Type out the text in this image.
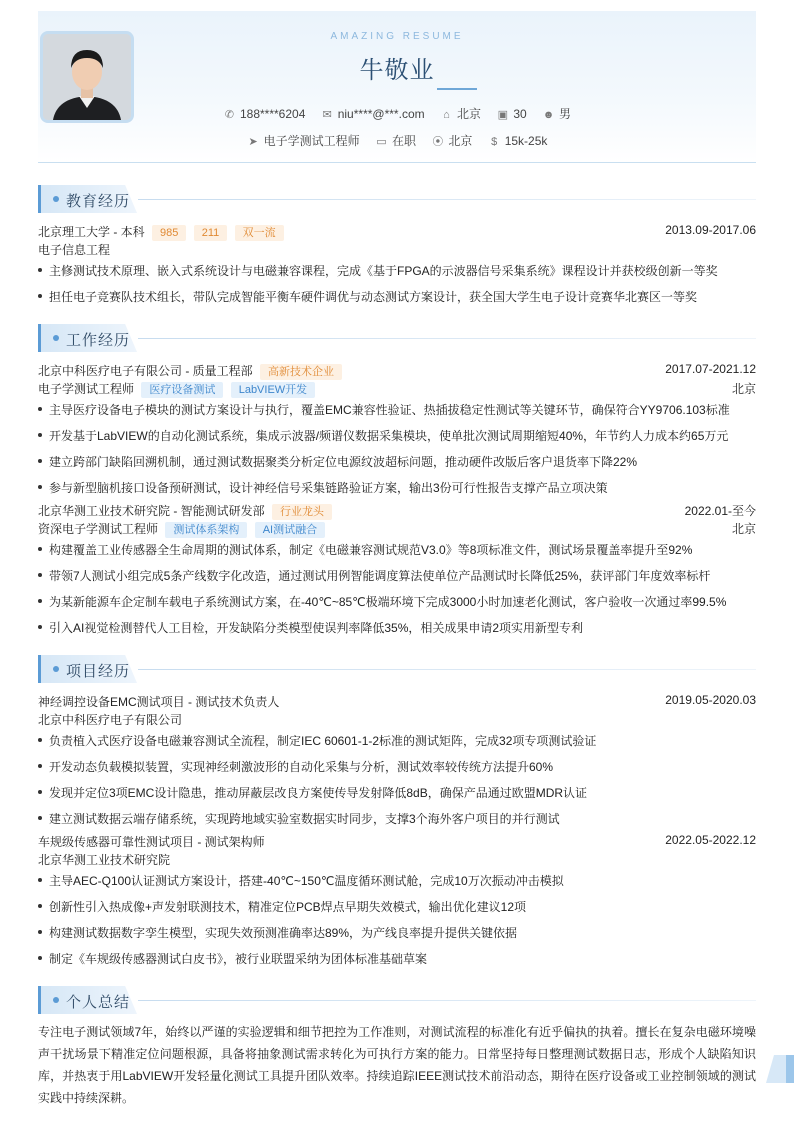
AMAZING RESUME
牛敬业
✆ 188****6204 ✉ niu****@***.com ⌂ 北京 ▣ 30 ☻ 男
➤ 电子学测试工程师 ▭ 在职 ⦿ 北京 $ 15k-25k
教育经历
北京理工大学 - 本科 985 211 双一流	2013.09-2017.06
电子信息工程
主修测试技术原理、嵌入式系统设计与电磁兼容课程，完成《基于FPGA的示波器信号采集系统》课程设计并获校级创新一等奖
担任电子竞赛队技术组长，带队完成智能平衡车硬件调优与动态测试方案设计，获全国大学生电子设计竞赛华北赛区一等奖
工作经历
北京中科医疗电子有限公司 - 质量工程部 高新技术企业	2017.07-2021.12
电子学测试工程师 医疗设备测试 LabVIEW开发	北京
主导医疗设备电子模块的测试方案设计与执行，覆盖EMC兼容性验证、热插拔稳定性测试等关键环节，确保符合YY9706.103标准
开发基于LabVIEW的自动化测试系统，集成示波器/频谱仪数据采集模块，使单批次测试周期缩短40%，年节约人力成本约65万元
建立跨部门缺陷回溯机制，通过测试数据聚类分析定位电源纹波超标问题，推动硬件改版后客户退货率下降22%
参与新型脑机接口设备预研测试，设计神经信号采集链路验证方案，输出3份可行性报告支撑产品立项决策
北京华测工业技术研究院 - 智能测试研发部 行业龙头	2022.01-至今
资深电子学测试工程师 测试体系架构 AI测试融合	北京
构建覆盖工业传感器全生命周期的测试体系，制定《电磁兼容测试规范V3.0》等8项标准文件，测试场景覆盖率提升至92%
带领7人测试小组完成5条产线数字化改造，通过测试用例智能调度算法使单位产品测试时长降低25%，获评部门年度效率标杆
为某新能源车企定制车载电子系统测试方案，在-40℃~85℃极端环境下完成3000小时加速老化测试，客户验收一次通过率99.5%
引入AI视觉检测替代人工目检，开发缺陷分类模型使误判率降低35%，相关成果申请2项实用新型专利
项目经历
神经调控设备EMC测试项目 - 测试技术负责人	2019.05-2020.03
北京中科医疗电子有限公司
负责植入式医疗设备电磁兼容测试全流程，制定IEC 60601-1-2标准的测试矩阵，完成32项专项测试验证
开发动态负载模拟装置，实现神经刺激波形的自动化采集与分析，测试效率较传统方法提升60%
发现并定位3项EMC设计隐患，推动屏蔽层改良方案使传导发射降低8dB，确保产品通过欧盟MDR认证
建立测试数据云端存储系统，实现跨地域实验室数据实时同步，支撑3个海外客户项目的并行测试
车规级传感器可靠性测试项目 - 测试架构师	2022.05-2022.12
北京华测工业技术研究院
主导AEC-Q100认证测试方案设计，搭建-40℃~150℃温度循环测试舱，完成10万次振动冲击模拟
创新性引入热成像+声发射联测技术，精准定位PCB焊点早期失效模式，输出优化建议12项
构建测试数据数字孪生模型，实现失效预测准确率达89%，为产线良率提升提供关键依据
制定《车规级传感器测试白皮书》，被行业联盟采纳为团体标准基础草案
个人总结
专注电子测试领域7年，始终以严谨的实验逻辑和细节把控为工作准则，对测试流程的标准化有近乎偏执的执着。擅长在复杂电磁环境噪声干扰场景下精准定位问题根源，具备将抽象测试需求转化为可执行方案的能力。日常坚持每日整理测试数据日志，形成个人缺陷知识库，并热衷于用LabVIEW开发轻量化测试工具提升团队效率。持续追踪IEEE测试技术前沿动态，期待在医疗设备或工业控制领域的测试实践中持续深耕。
